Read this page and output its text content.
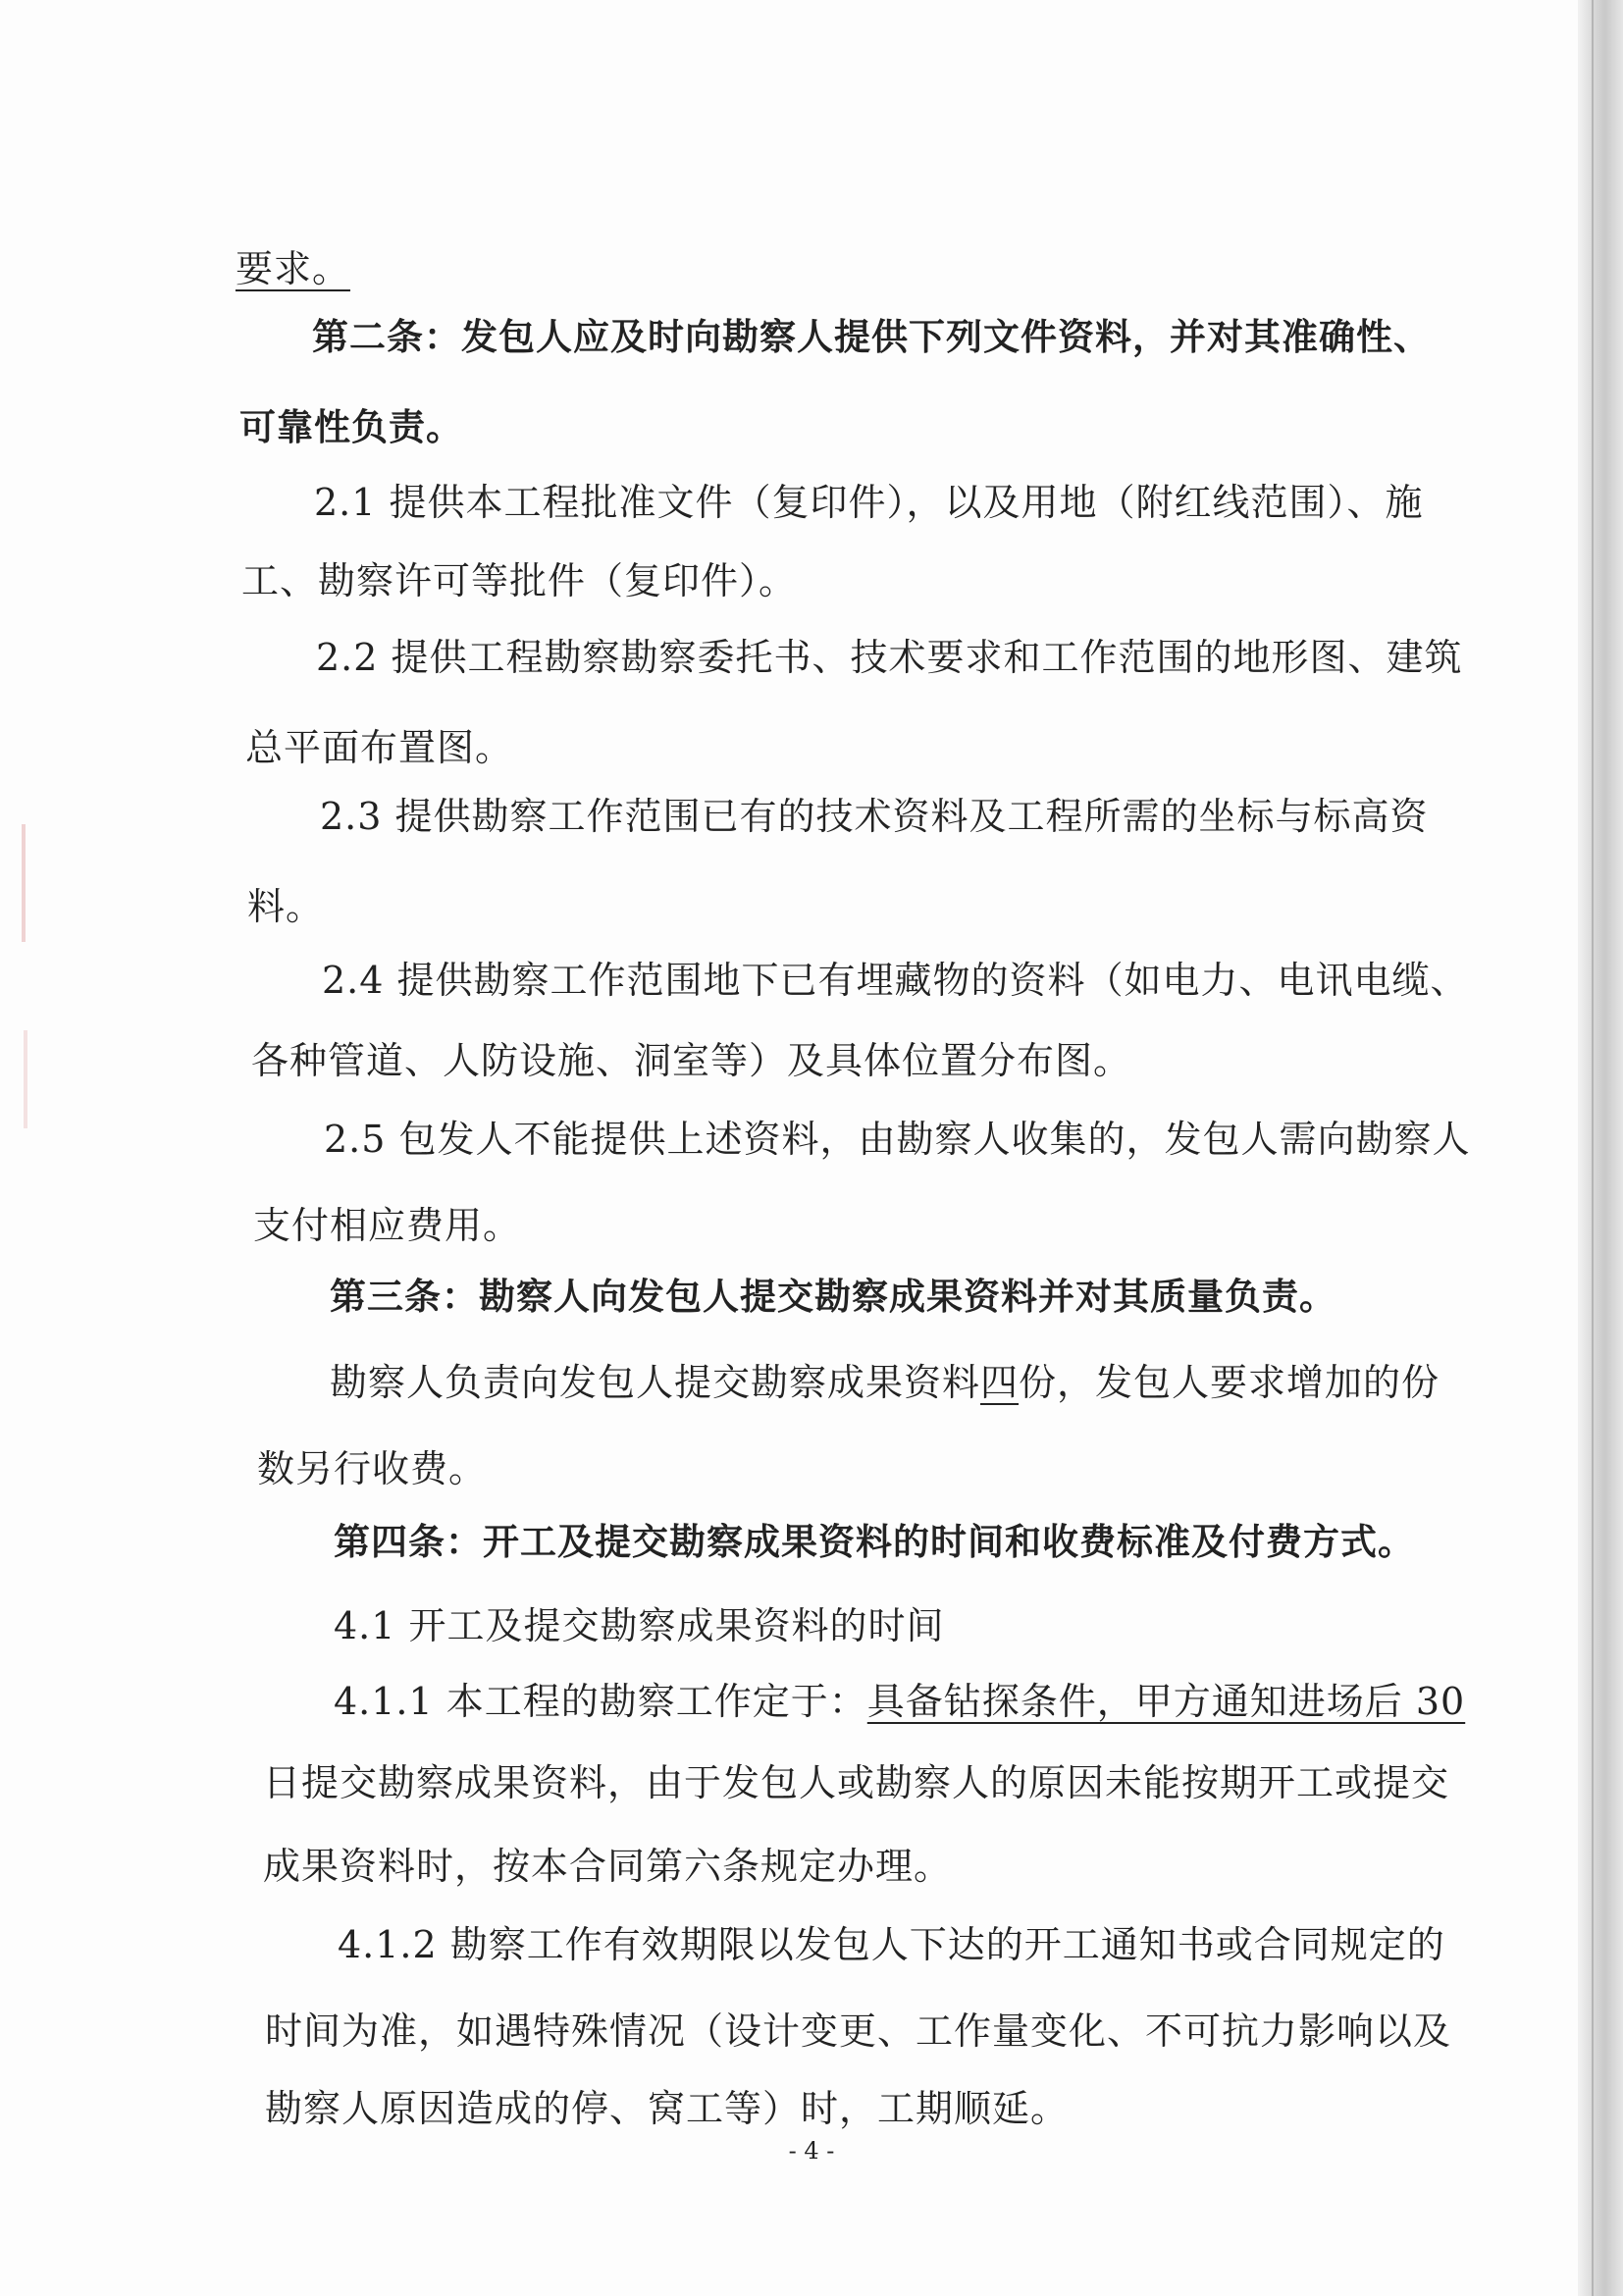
要求。
第二条：发包人应及时向勘察人提供下列文件资料，并对其准确性、
可靠性负责。
2.1 提供本工程批准文件（复印件），以及用地（附红线范围）、施
工、勘察许可等批件（复印件）。
2.2 提供工程勘察勘察委托书、技术要求和工作范围的地形图、建筑
总平面布置图。
2.3 提供勘察工作范围已有的技术资料及工程所需的坐标与标高资
料。
2.4 提供勘察工作范围地下已有埋藏物的资料（如电力、电讯电缆、
各种管道、人防设施、洞室等）及具体位置分布图。
2.5 包发人不能提供上述资料，由勘察人收集的，发包人需向勘察人
支付相应费用。
第三条：勘察人向发包人提交勘察成果资料并对其质量负责。
勘察人负责向发包人提交勘察成果资料四份，发包人要求增加的份
数另行收费。
第四条：开工及提交勘察成果资料的时间和收费标准及付费方式。
4.1 开工及提交勘察成果资料的时间
4.1.1 本工程的勘察工作定于：具备钻探条件，甲方通知进场后 30
日提交勘察成果资料，由于发包人或勘察人的原因未能按期开工或提交
成果资料时，按本合同第六条规定办理。
4.1.2 勘察工作有效期限以发包人下达的开工通知书或合同规定的
时间为准，如遇特殊情况（设计变更、工作量变化、不可抗力影响以及
勘察人原因造成的停、窝工等）时，工期顺延。
- 4 -
